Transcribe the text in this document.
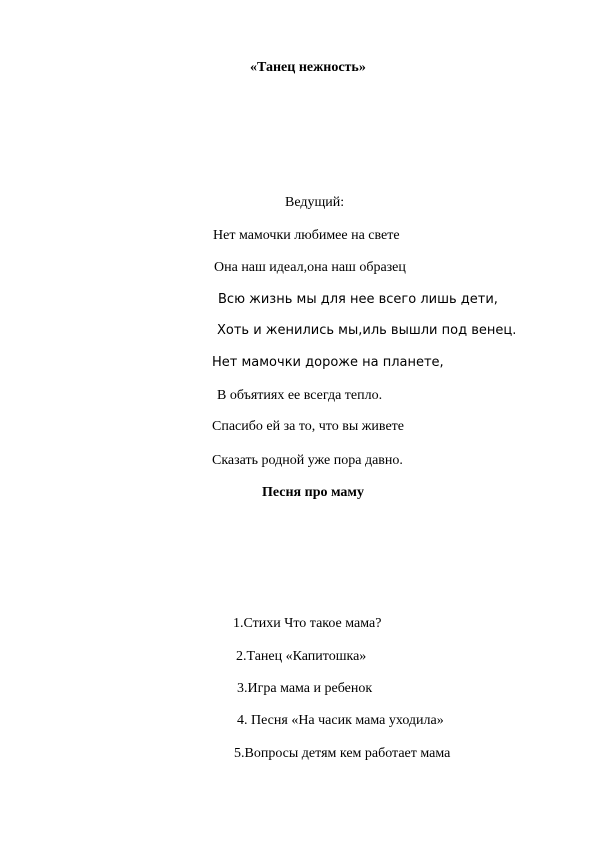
«Танец нежность»
Ведущий:
Нет мамочки любимее на свете
Она наш идеал,она наш образец
Всю жизнь мы для нее всего лишь дети,
Хоть и женились мы,иль вышли под венец.
Нет мамочки дороже на планете,
В объятиях ее всегда тепло.
Спасибо ей за то, что вы живете
Сказать родной уже пора давно.
Песня про маму
1.Стихи Что такое мама?
2.Танец «Капитошка»
3.Игра мама и ребенок
4. Песня «На часик мама уходила»
5.Вопросы детям кем работает мама
